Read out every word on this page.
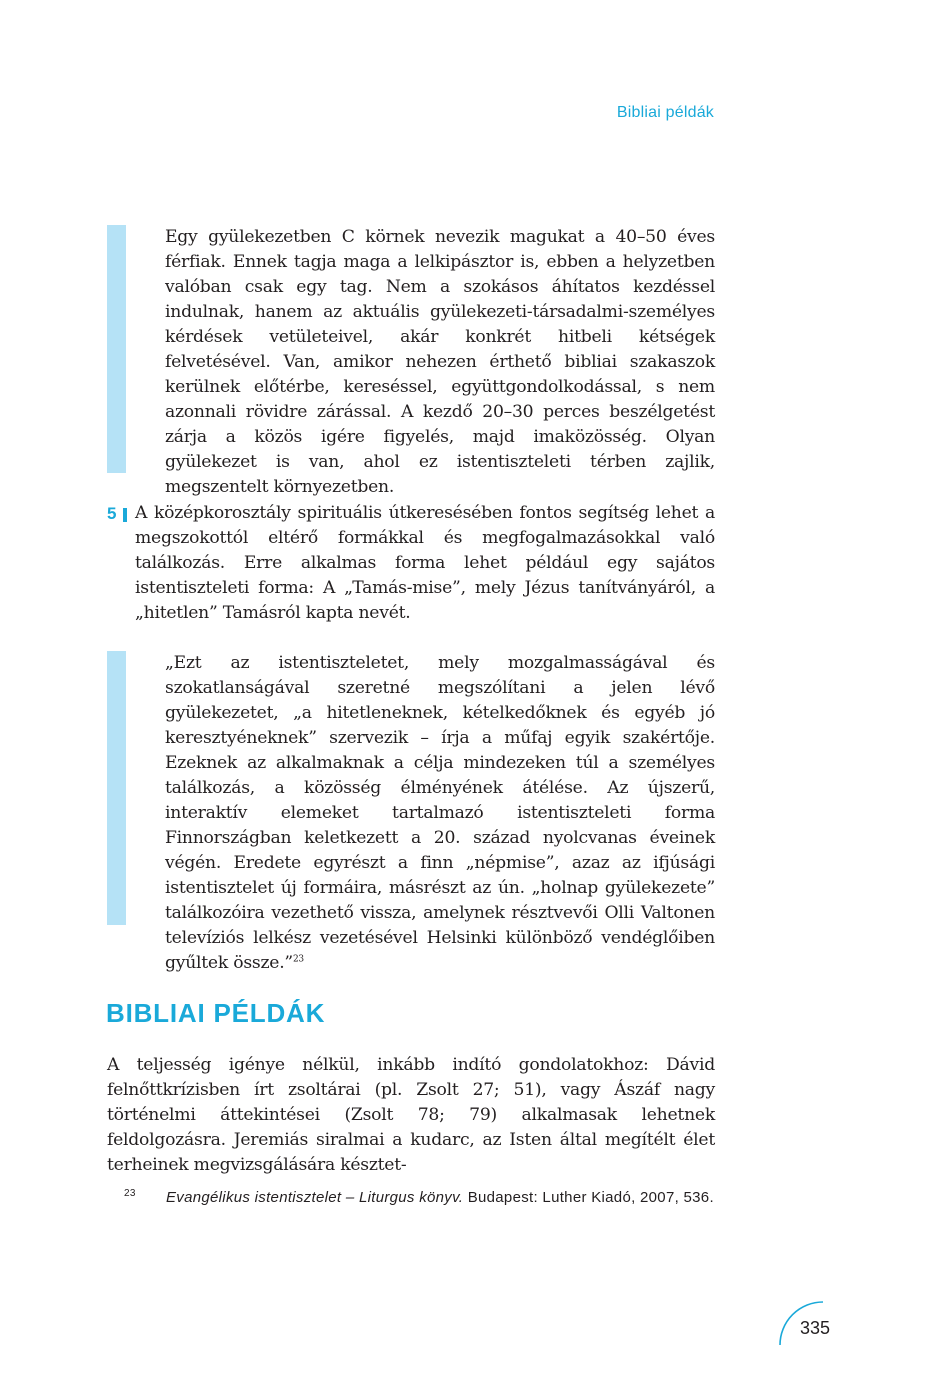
Bibliai példák
Egy gyülekezetben C körnek nevezik magukat a 40–50 éves férfiak. Ennek tagja maga a lelkipásztor is, ebben a helyzetben valóban csak egy tag. Nem a szokásos áhítatos kezdéssel indulnak, hanem az aktuális gyülekezeti-társadalmi-személyes kérdések vetületeivel, akár konkrét hitbeli kétségek felvetésével. Van, amikor nehezen érthető bibliai szakaszok kerülnek előtérbe, kereséssel, együttgondolkodással, s nem azonnali rövidre zárással. A kezdő 20–30 perces beszélgetést zárja a közös igére figyelés, majd imaközösség. Olyan gyülekezet is van, ahol ez istentiszteleti térben zajlik, megszentelt környezetben.
5 A középkorosztály spirituális útkeresésében fontos segítség lehet a megszokottól eltérő formákkal és megfogalmazásokkal való találkozás. Erre alkalmas forma lehet például egy sajátos istentiszteleti forma: A „Tamás-mise”, mely Jézus tanítványáról, a „hitetlen” Tamásról kapta nevét.
„Ezt az istentiszteletet, mely mozgalmasságával és szokatlanságával szeretné megszólítani a jelen lévő gyülekezetet, „a hitetleneknek, kételkedőknek és egyéb jó keresztyéneknek” szervezik – írja a műfaj egyik szakértője. Ezeknek az alkalmaknak a célja mindezeken túl a személyes találkozás, a közösség élményének átélése. Az újszerű, interaktív elemeket tartalmazó istentiszteleti forma Finnországban keletkezett a 20. század nyolcvanas éveinek végén. Eredete egyrészt a finn „népmise”, azaz az ifjúsági istentisztelet új formáira, másrészt az ún. „holnap gyülekezete” találkozóira vezethető vissza, amelynek résztvevői Olli Valtonen televíziós lelkész vezetésével Helsinki különböző vendéglőiben gyűltek össze.”$^{23}$
BIBLIAI PÉLDÁK
A teljesség igénye nélkül, inkább indító gondolatokhoz: Dávid felnőttkrízisben írt zsoltárai (pl. Zsolt 27; 51), vagy Ászáf nagy történelmi áttekintései (Zsolt 78; 79) alkalmasak lehetnek feldolgozásra. Jeremiás siralmai a kudarc, az Isten által megítélt élet terheinek megvizsgálására késztet-
23 Evangélikus istentisztelet – Liturgus könyv. Budapest: Luther Kiadó, 2007, 536.
335
